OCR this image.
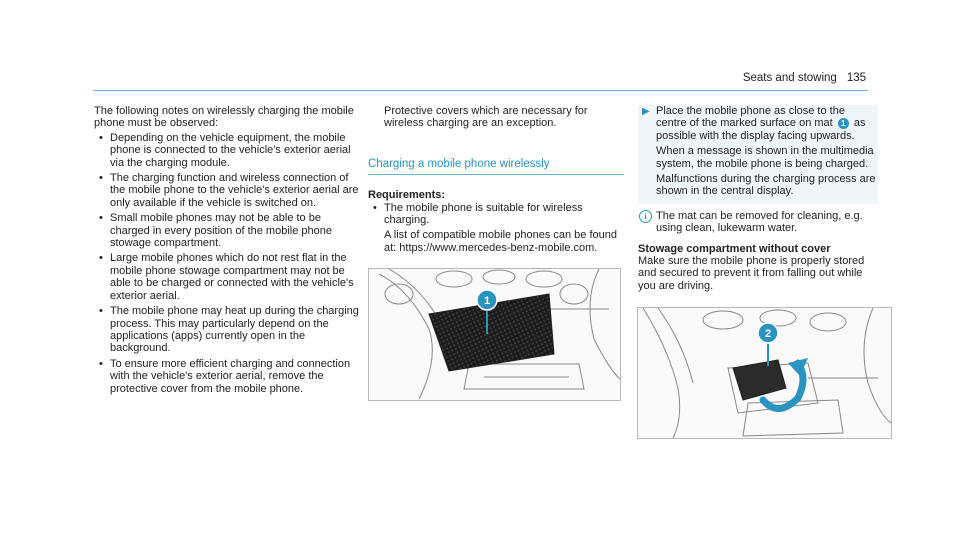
Seats and stowing 135

The following notes on wirelessly charging the mobile phone must be observed:

• Depending on the vehicle equipment, the mobile phone is connected to the vehicle's exterior aerial via the charging module.
• The charging function and wireless connection of the mobile phone to the vehicle's exterior aerial are only available if the vehicle is switched on.
• Small mobile phones may not be able to be charged in every position of the mobile phone stowage compartment.
• Large mobile phones which do not rest flat in the mobile phone stowage compartment may not be able to be charged or connected with the vehicle's exterior aerial.
• The mobile phone may heat up during the charging process. This may particularly depend on the applications (apps) currently open in the background.
• To ensure more efficient charging and connection with the vehicle's exterior aerial, remove the protective cover from the mobile phone.

Protective covers which are necessary for wireless charging are an exception.

Charging a mobile phone wirelessly
Requirements:
• The mobile phone is suitable for wireless charging.

A list of compatible mobile phones can be found at: https://www.mercedes-benz-mobile.com.

1
▶ Place the mobile phone as close to the centre of the marked surface on mat 1 as possible with the display facing upwards.

When a message is shown in the multimedia system, the mobile phone is being charged.

Malfunctions during the charging process are shown in the central display.

i The mat can be removed for cleaning, e.g. using clean, lukewarm water.
Stowage compartment without cover

Make sure the mobile phone is properly stored and secured to prevent it from falling out while you are driving.

2
